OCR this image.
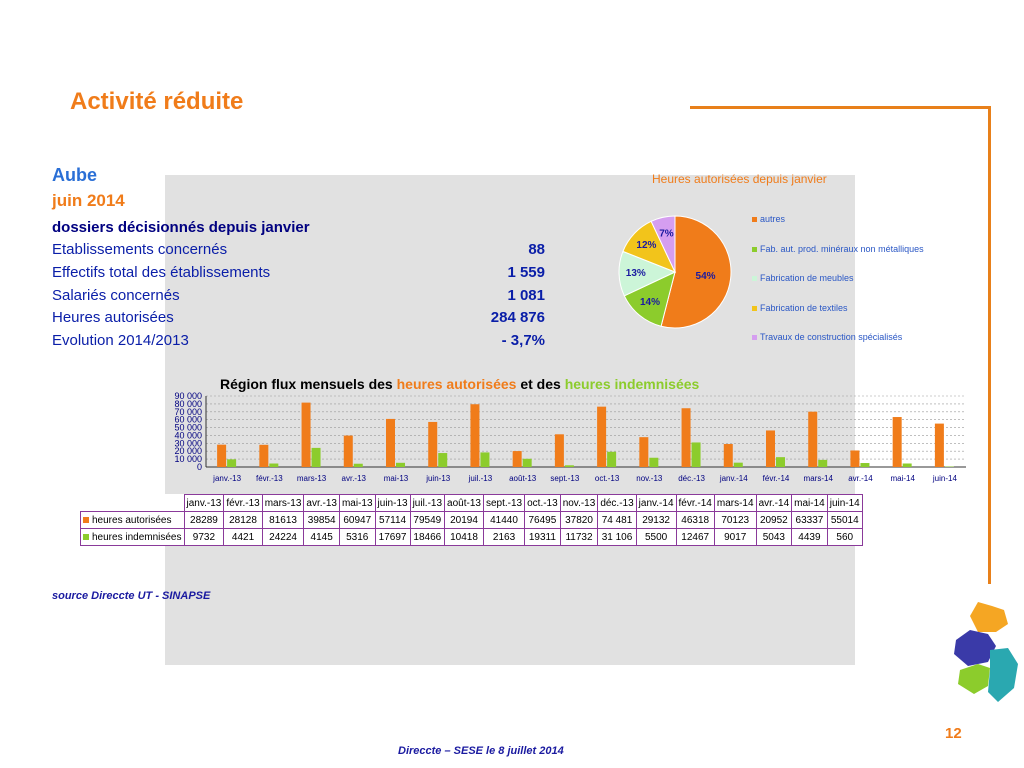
Activité réduite
Aube
juin 2014
dossiers décisionnés depuis janvier
Etablissements concernés	88
Effectifs total des établissements	1 559
Salariés concernés	1 081
Heures autorisées	284 876
Evolution 2014/2013	- 3,7%
Heures autorisées depuis janvier
54%
14%
13%
12%
7%
autres
Fab. aut. prod. minéraux non métalliques
Fabrication de meubles
Fabrication de textiles
Travaux de construction spécialisés
Région flux mensuels des heures autorisées et des heures indemnisées
0
10 000
20 000
30 000
40 000
50 000
60 000
70 000
80 000
90 000
janv.-13 févr.-13 mars-13 avr.-13 mai-13 juin-13 juil.-13 août-13 sept.-13 oct.-13 nov.-13 déc.-13 janv.-14 févr.-14 mars-14 avr.-14 mai-14 juin-14
	janv.-13	févr.-13	mars-13	avr.-13	mai-13	juin-13	juil.-13	août-13	sept.-13	oct.-13	nov.-13	déc.-13	janv.-14	févr.-14	mars-14	avr.-14	mai-14	juin-14
heures autorisées	28289	28128	81613	39854	60947	57114	79549	20194	41440	76495	37820	74 481	29132	46318	70123	20952	63337	55014
heures indemnisées	9732	4421	24224	4145	5316	17697	18466	10418	2163	19311	11732	31 106	5500	12467	9017	5043	4439	560
source Direccte UT - SINAPSE
12
Direccte – SESE le 8 juillet 2014
